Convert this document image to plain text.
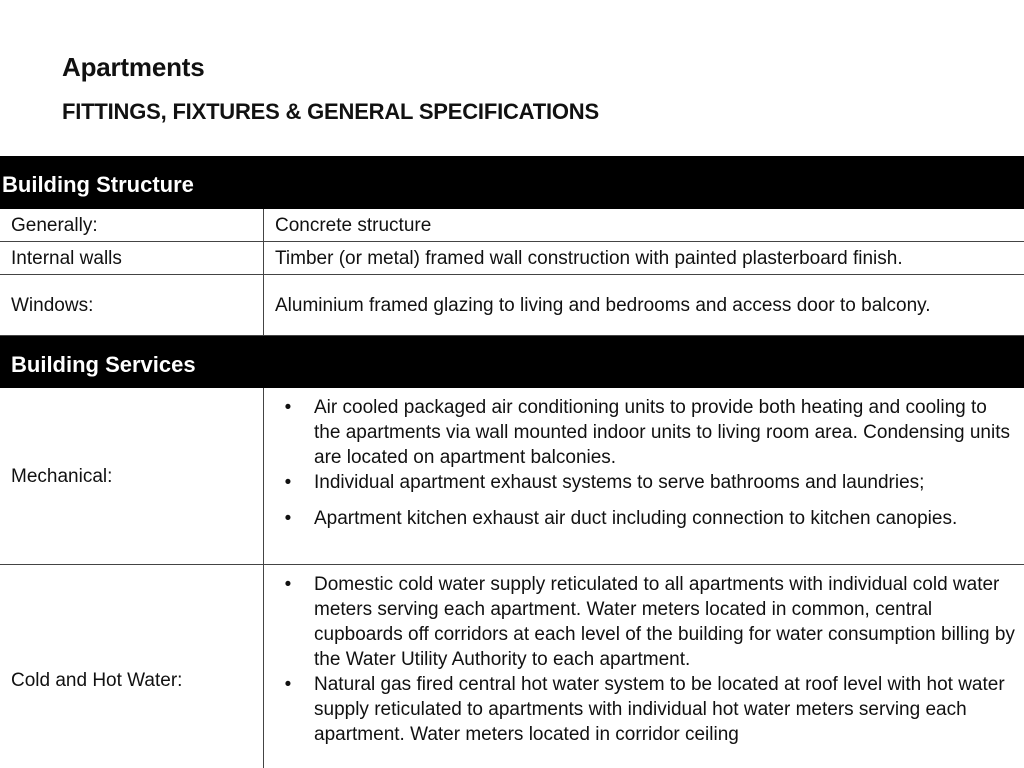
Apartments
FITTINGS, FIXTURES & GENERAL SPECIFICATIONS
Building Structure
Generally:	Concrete structure
Internal walls	Timber (or metal) framed wall construction with painted plasterboard finish.
Windows:	Aluminium framed glazing to living and bedrooms and access door to balcony.
Building Services
Mechanical:
•	Air cooled packaged air conditioning units to provide both heating and cooling to the apartments via wall mounted indoor units to living room area. Condensing units are located on apartment balconies.
•	Individual apartment exhaust systems to serve bathrooms and laundries;
•	Apartment kitchen exhaust air duct including connection to kitchen canopies.
Cold and Hot Water:
•	Domestic cold water supply reticulated to all apartments with individual cold water meters serving each apartment. Water meters located in common, central cupboards off corridors at each level of the building for water consumption billing by the Water Utility Authority to each apartment.
•	Natural gas fired central hot water system to be located at roof level with hot water supply reticulated to apartments with individual hot water meters serving each apartment. Water meters located in corridor ceiling
